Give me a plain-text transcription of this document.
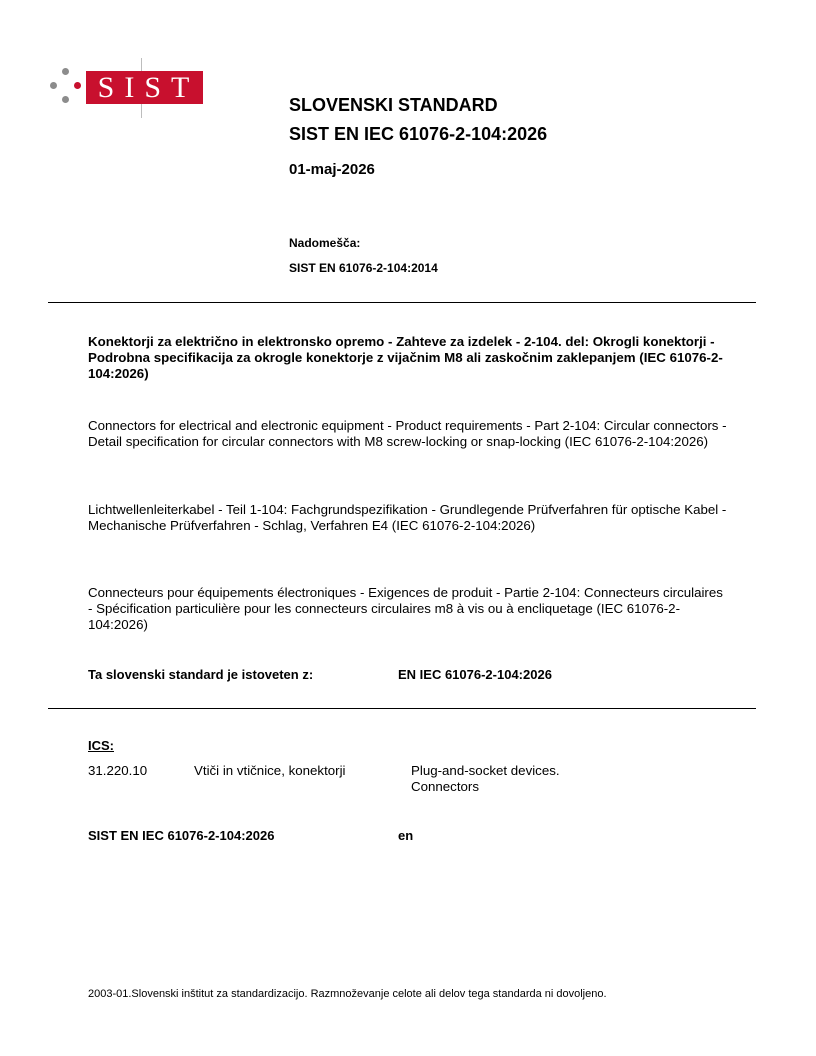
SIST
SLOVENSKI STANDARD
SIST EN IEC 61076-2-104:2026
01-maj-2026
Nadomešča:
SIST EN 61076-2-104:2014
Konektorji za električno in elektronsko opremo - Zahteve za izdelek - 2-104. del: Okrogli konektorji - Podrobna specifikacija za okrogle konektorje z vijačnim M8 ali zaskočnim zaklepanjem (IEC 61076-2-104:2026)
Connectors for electrical and electronic equipment - Product requirements - Part 2-104: Circular connectors - Detail specification for circular connectors with M8 screw-locking or snap-locking (IEC 61076-2-104:2026)
Lichtwellenleiterkabel - Teil 1-104: Fachgrundspezifikation - Grundlegende Prüfverfahren für optische Kabel - Mechanische Prüfverfahren - Schlag, Verfahren E4 (IEC 61076-2-104:2026)
Connecteurs pour équipements électroniques - Exigences de produit - Partie 2-104: Connecteurs circulaires - Spécification particulière pour les connecteurs circulaires m8 à vis ou à encliquetage (IEC 61076-2-104:2026)
Ta slovenski standard je istoveten z:	EN IEC 61076-2-104:2026
ICS:
31.220.10	Vtiči in vtičnice, konektorji	Plug-and-socket devices.
Connectors
SIST EN IEC 61076-2-104:2026	en
2003-01.Slovenski inštitut za standardizacijo. Razmnoževanje celote ali delov tega standarda ni dovoljeno.
